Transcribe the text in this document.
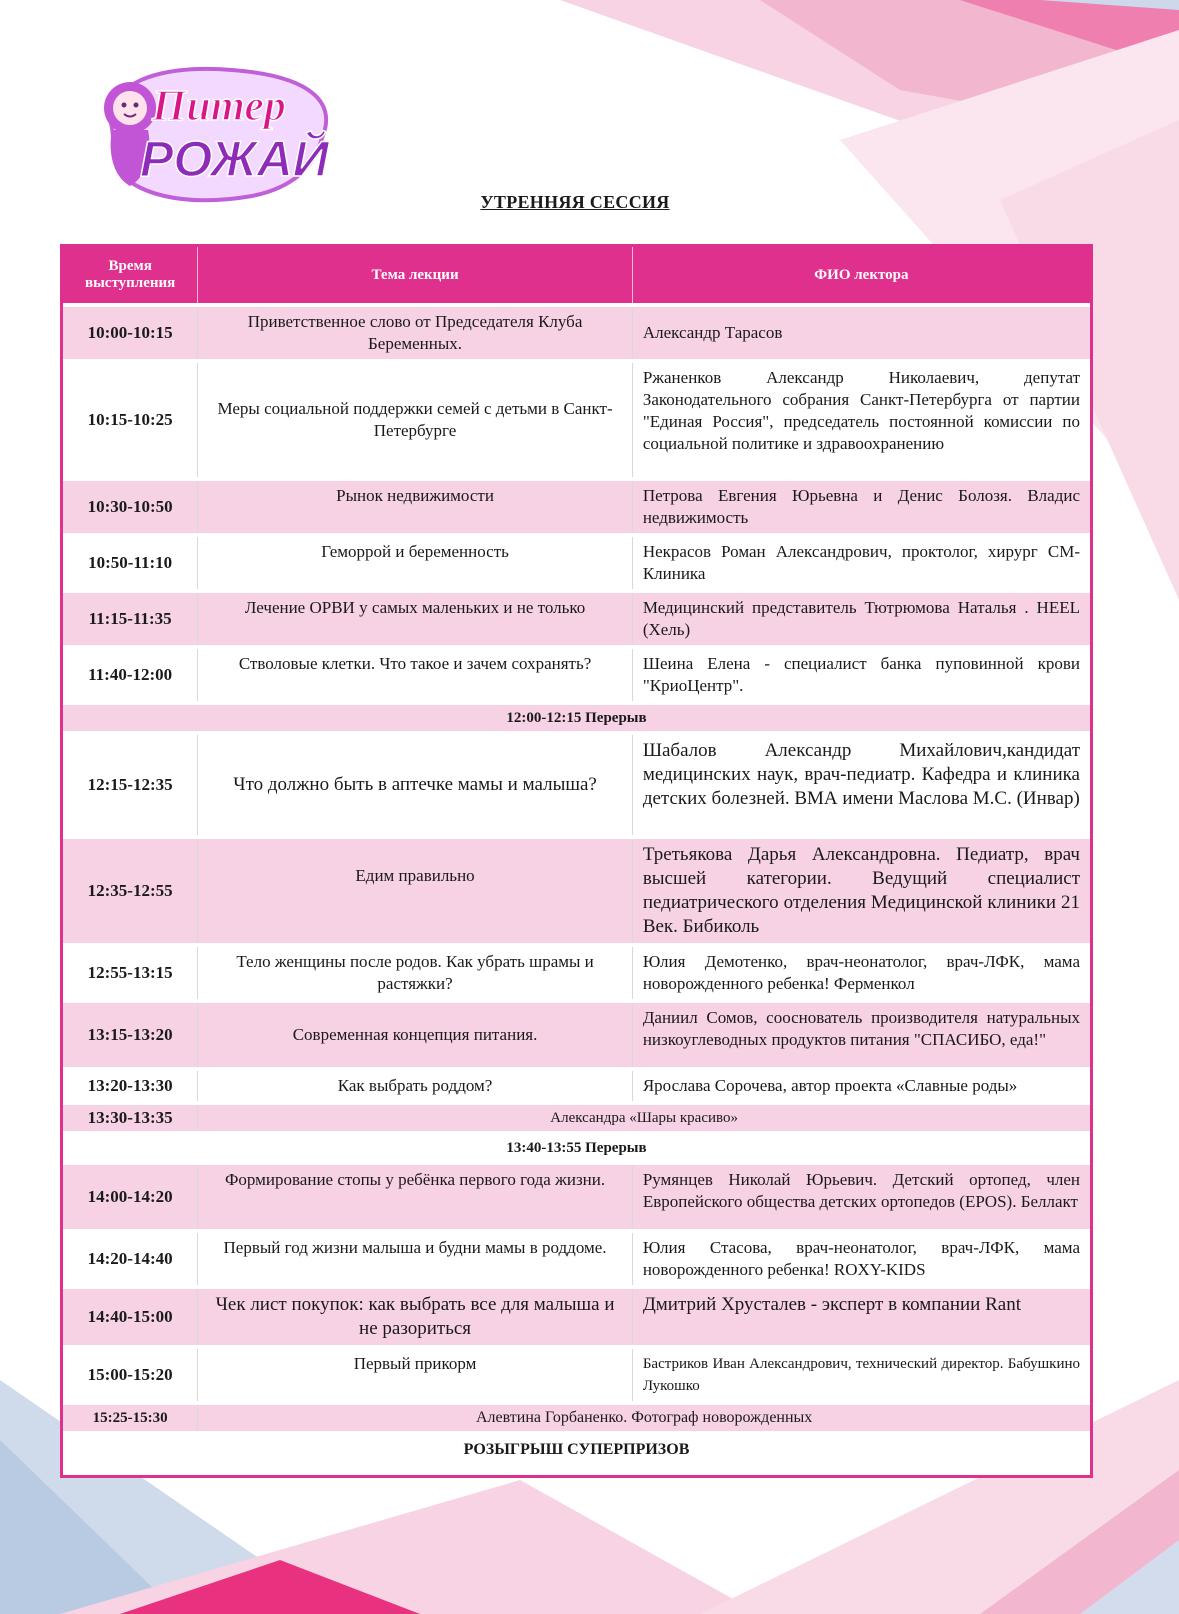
Питер
РОЖАЙ
УТРЕННЯЯ СЕССИЯ
Время выступления	Тема лекции	ФИО лектора
10:00-10:15	Приветственное слово от Председателя Клуба Беременных.	Александр Тарасов
10:15-10:25	Меры социальной поддержки семей с детьми в Санкт-Петербурге	Ржаненков Александр Николаевич, депутат Законодательного собрания Санкт-Петербурга от партии "Единая Россия", председатель постоянной комиссии по социальной политике и здравоохранению
10:30-10:50	Рынок недвижимости	Петрова Евгения Юрьевна и Денис Болозя. Владис недвижимость
10:50-11:10	Геморрой и беременность	Некрасов Роман Александрович, проктолог, хирург СМ-Клиника
11:15-11:35	Лечение ОРВИ у самых маленьких и не только	Медицинский представитель Тютрюмова Наталья . HEEL (Хель)
11:40-12:00	Стволовые клетки. Что такое и зачем сохранять?	Шеина Елена - специалист банка пуповинной крови "КриоЦентр".
12:00-12:15 Перерыв		
12:15-12:35	Что должно быть в аптечке мамы и малыша?	Шабалов Александр Михайлович,кандидат медицинских наук, врач-педиатр. Кафедра и клиника детских болезней. ВМА имени Маслова М.С. (Инвар)
12:35-12:55	Едим правильно	Третьякова Дарья Александровна. Педиатр, врач высшей категории. Ведущий специалист педиатрического отделения Медицинской клиники 21 Век. Бибиколь
12:55-13:15	Тело женщины после родов. Как убрать шрамы и растяжки?	Юлия Демотенко, врач-неонатолог, врач-ЛФК, мама новорожденного ребенка! Ферменкол
13:15-13:20	Современная концепция питания.	Даниил Сомов, сооснователь производителя натуральных низкоуглеводных продуктов питания "СПАСИБО, еда!"
13:20-13:30	Как выбрать роддом?	Ярослава Сорочева, автор проекта «Славные роды»
13:30-13:35	Александра «Шары красиво»	
13:40-13:55 Перерыв		
14:00-14:20	Формирование стопы у ребёнка первого года жизни.	Румянцев Николай Юрьевич. Детский ортопед, член Европейского общества детских ортопедов (EPOS). Беллакт
14:20-14:40	Первый год жизни малыша и будни мамы в роддоме.	Юлия Стасова, врач-неонатолог, врач-ЛФК, мама новорожденного ребенка! ROXY-KIDS
14:40-15:00	Чек лист покупок: как выбрать все для малыша и не разориться	Дмитрий Хрусталев - эксперт в компании Rant
15:00-15:20	Первый прикорм	Бастриков Иван Александрович, технический директор. Бабушкино Лукошко
15:25-15:30	Алевтина Горбаненко. Фотограф новорожденных	
РОЗЫГРЫШ СУПЕРПРИЗОВ		
